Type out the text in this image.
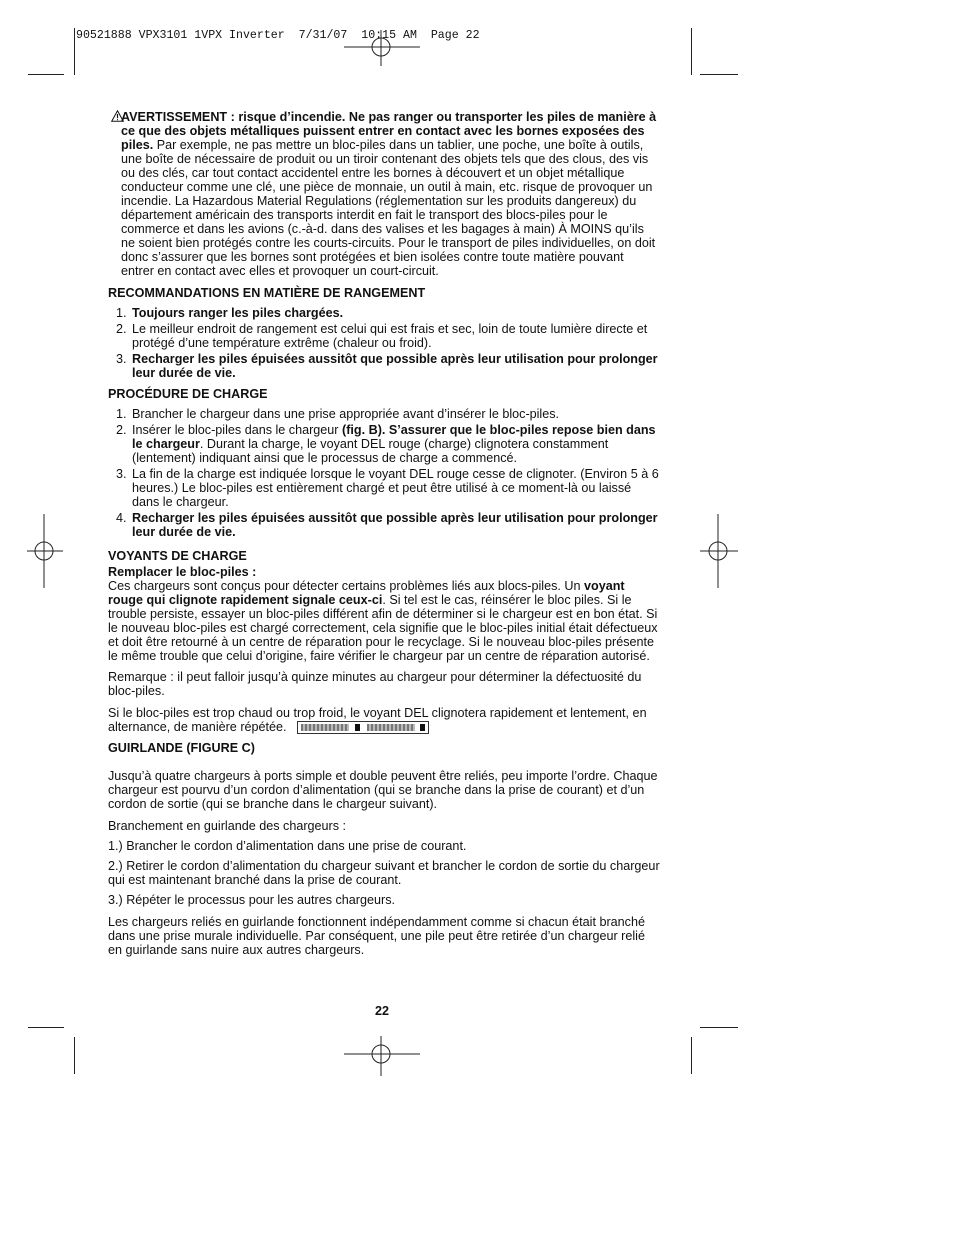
90521888 VPX3101 1VPX Inverter  7/31/07  10:15 AM  Page 22

AVERTISSEMENT : risque d’incendie. Ne pas ranger ou transporter les piles de manière à ce que des objets métalliques puissent entrer en contact avec les bornes exposées des piles. Par exemple, ne pas mettre un bloc-piles dans un tablier, une poche, une boîte à outils, une boîte de nécessaire de produit ou un tiroir contenant des objets tels que des clous, des vis ou des clés, car tout contact accidentel entre les bornes à découvert et un objet métallique conducteur comme une clé, une pièce de monnaie, un outil à main, etc. risque de provoquer un incendie. La Hazardous Material Regulations (réglementation sur les produits dangereux) du département américain des transports interdit en fait le transport des blocs-piles pour le commerce et dans les avions (c.-à-d. dans des valises et les bagages à main) À MOINS qu’ils ne soient bien protégés contre les courts-circuits. Pour le transport de piles individuelles, on doit donc s’assurer que les bornes sont protégées et bien isolées contre toute matière pouvant entrer en contact avec elles et provoquer un court-circuit.

RECOMMANDATIONS EN MATIÈRE DE RANGEMENT
1. Toujours ranger les piles chargées.
2. Le meilleur endroit de rangement est celui qui est frais et sec, loin de toute lumière directe et protégé d’une température extrême (chaleur ou froid).
3. Recharger les piles épuisées aussitôt que possible après leur utilisation pour prolonger leur durée de vie.
PROCÉDURE DE CHARGE
1. Brancher le chargeur dans une prise appropriée avant d’insérer le bloc-piles.
2. Insérer le bloc-piles dans le chargeur (fig. B). S’assurer que le bloc-piles repose bien dans le chargeur. Durant la charge, le voyant DEL rouge (charge) clignotera constamment (lentement) indiquant ainsi que le processus de charge a commencé.
3. La fin de la charge est indiquée lorsque le voyant DEL rouge cesse de clignoter. (Environ 5 à 6 heures.) Le bloc-piles est entièrement chargé et peut être utilisé à ce moment-là ou laissé dans le chargeur.
4. Recharger les piles épuisées aussitôt que possible après leur utilisation pour prolonger leur durée de vie.
VOYANTS DE CHARGE
Remplacer le bloc-piles :

Ces chargeurs sont conçus pour détecter certains problèmes liés aux blocs-piles. Un voyant rouge qui clignote rapidement signale ceux-ci. Si tel est le cas, réinsérer le bloc piles. Si le trouble persiste, essayer un bloc-piles différent afin de déterminer si le chargeur est en bon état. Si le nouveau bloc-piles est chargé correctement, cela signifie que le bloc-piles initial était défectueux et doit être retourné à un centre de réparation pour le recyclage. Si le nouveau bloc-piles présente le même trouble que celui d’origine, faire vérifier le chargeur par un centre de réparation autorisé.

Remarque : il peut falloir jusqu’à quinze minutes au chargeur pour déterminer la défectuosité du bloc-piles.

Si le bloc-piles est trop chaud ou trop froid, le voyant DEL clignotera rapidement et lentement, en alternance, de manière répétée.

GUIRLANDE (FIGURE C)

Jusqu’à quatre chargeurs à ports simple et double peuvent être reliés, peu importe l’ordre. Chaque chargeur est pourvu d’un cordon d’alimentation (qui se branche dans la prise de courant) et d’un cordon de sortie (qui se branche dans le chargeur suivant).

Branchement en guirlande des chargeurs :

1.) Brancher le cordon d’alimentation dans une prise de courant.

2.) Retirer le cordon d’alimentation du chargeur suivant et brancher le cordon de sortie du chargeur qui est maintenant branché dans la prise de courant.

3.) Répéter le processus pour les autres chargeurs.

Les chargeurs reliés en guirlande fonctionnent indépendamment comme si chacun était branché dans une prise murale individuelle. Par conséquent, une pile peut être retirée d’un chargeur relié en guirlande sans nuire aux autres chargeurs.

22
